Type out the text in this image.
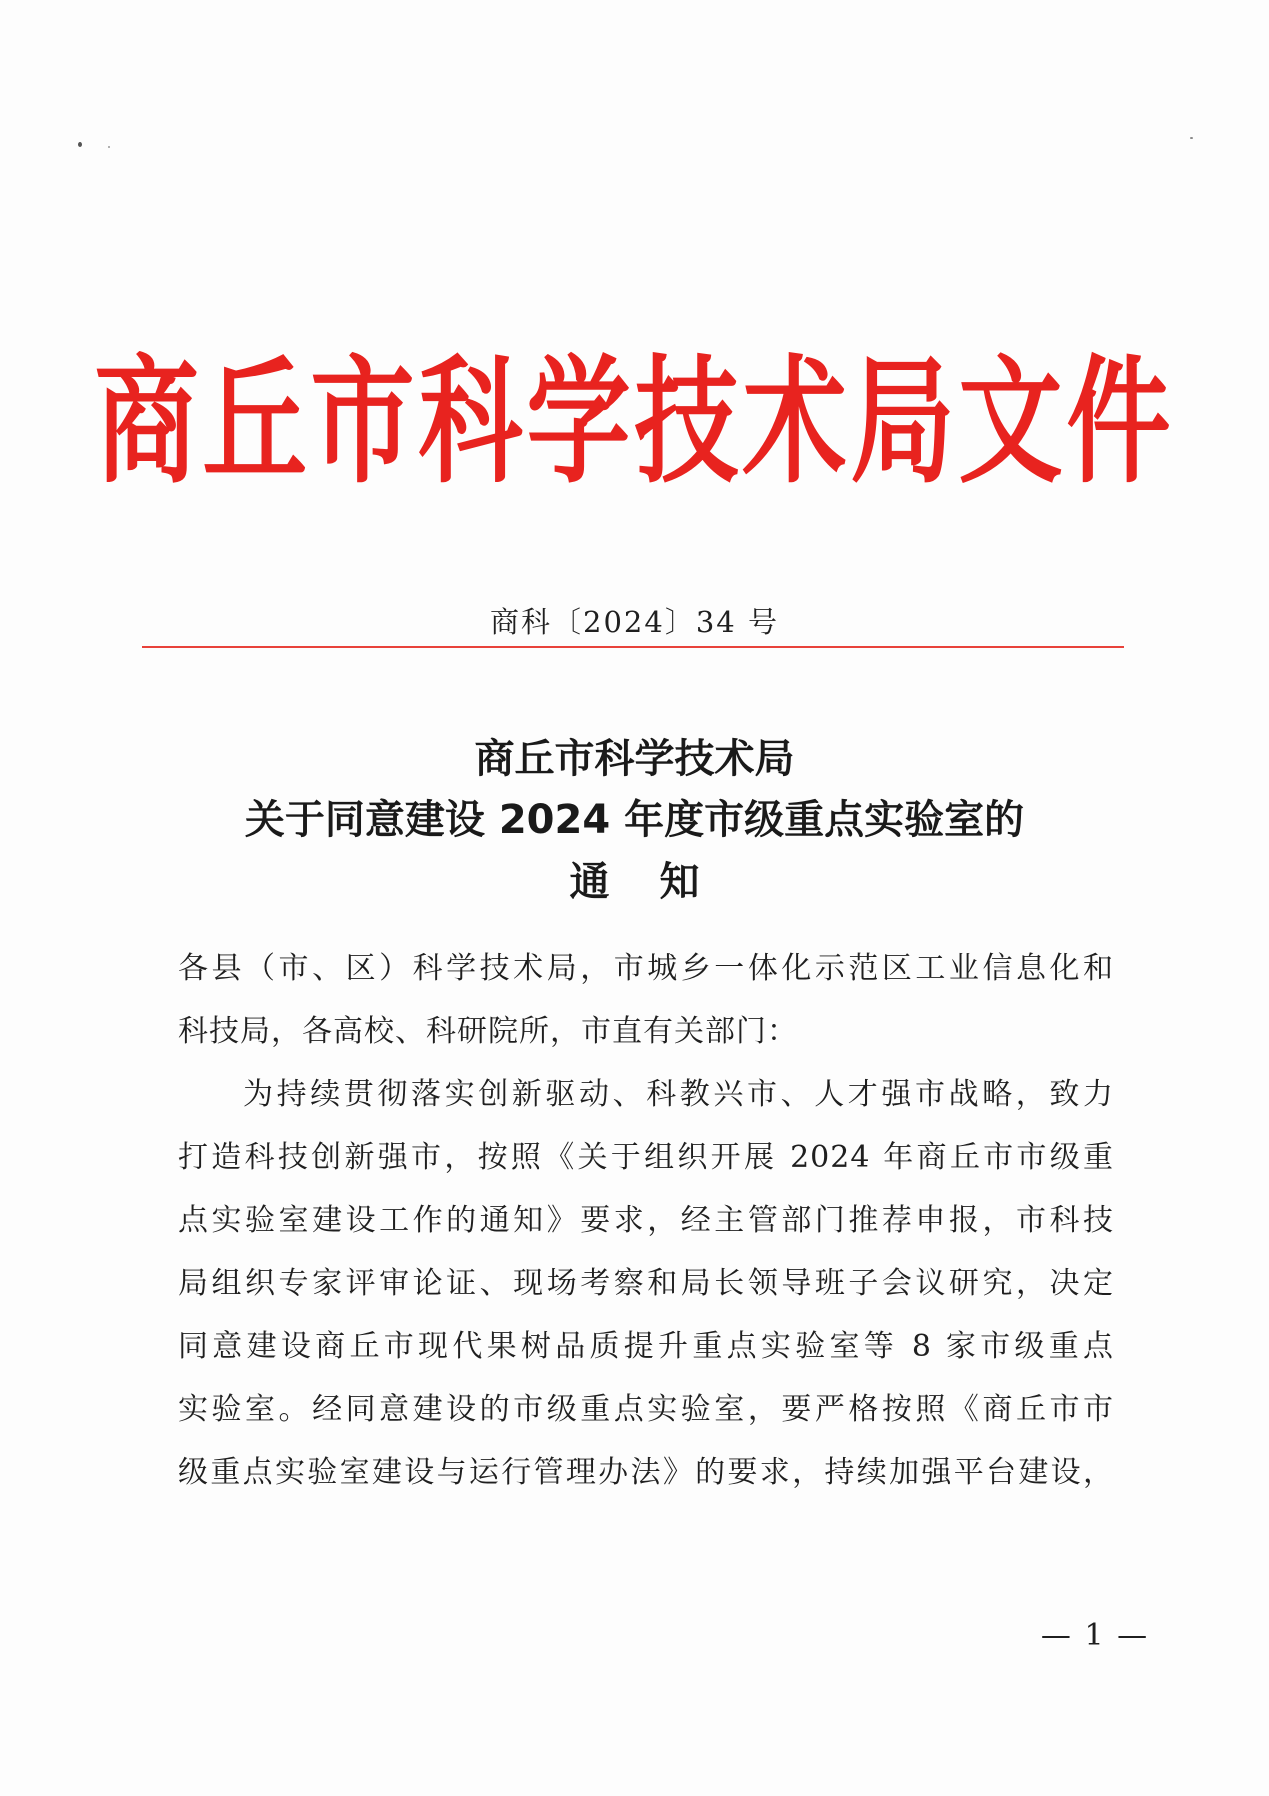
商丘市科学技术局文件
商科〔2024〕34 号
商丘市科学技术局
关于同意建设 2024 年度市级重点实验室的
通知
各县（市、区）科学技术局，市城乡一体化示范区工业信息化和
科技局，各高校、科研院所，市直有关部门：
为持续贯彻落实创新驱动、科教兴市、人才强市战略，致力
打造科技创新强市，按照《关于组织开展 2024 年商丘市市级重
点实验室建设工作的通知》要求，经主管部门推荐申报，市科技
局组织专家评审论证、现场考察和局长领导班子会议研究，决定
同意建设商丘市现代果树品质提升重点实验室等 8 家市级重点
实验室。经同意建设的市级重点实验室，要严格按照《商丘市市
级重点实验室建设与运行管理办法》的要求，持续加强平台建设，
— 1 —
